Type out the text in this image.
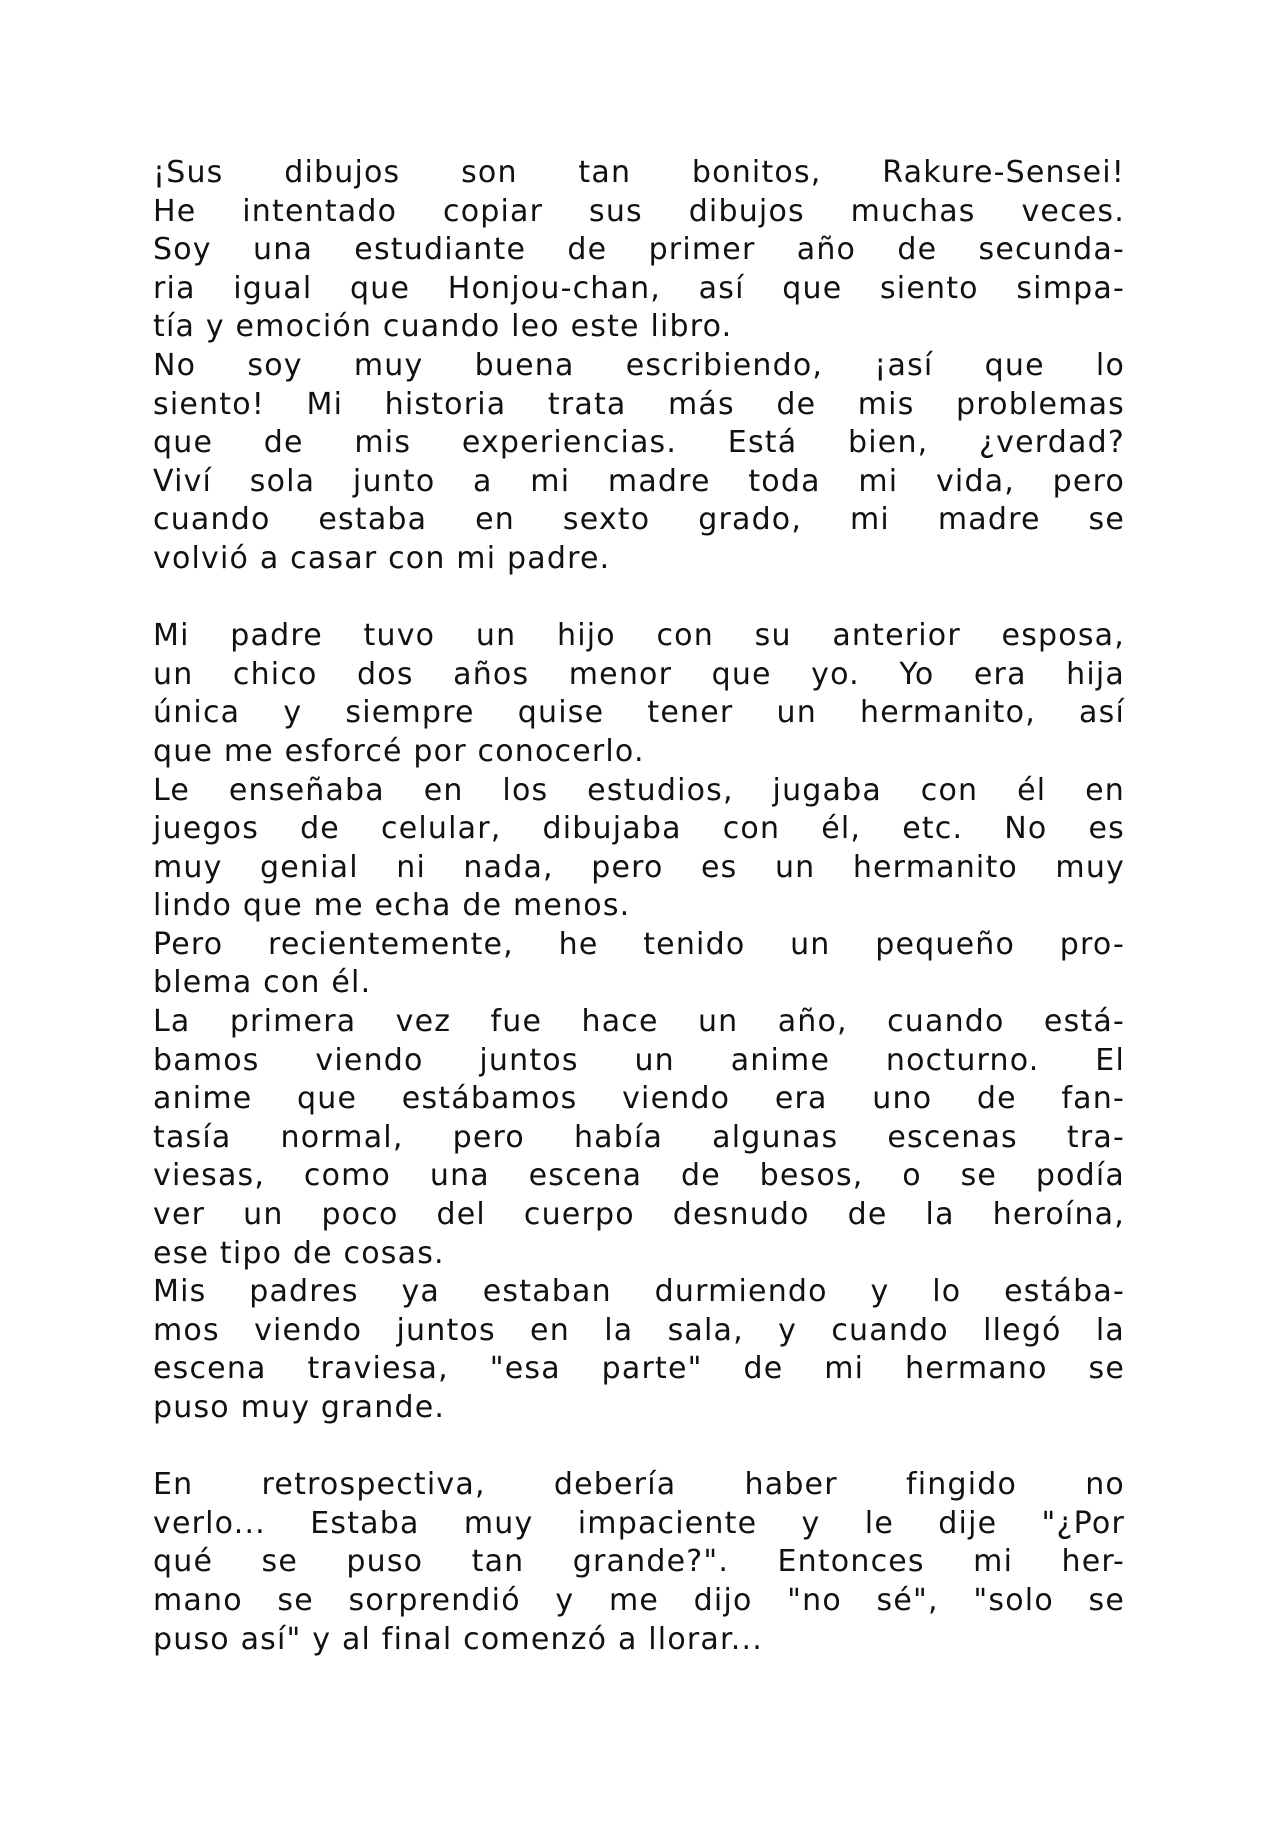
¡Sus dibujos son tan bonitos, Rakure-Sensei!
He intentado copiar sus dibujos muchas veces.
Soy una estudiante de primer año de secunda-
ria igual que Honjou-chan, así que siento simpa-
tía y emoción cuando leo este libro.
No soy muy buena escribiendo, ¡así que lo
siento! Mi historia trata más de mis problemas
que de mis experiencias. Está bien, ¿verdad?
Viví sola junto a mi madre toda mi vida, pero
cuando estaba en sexto grado, mi madre se
volvió a casar con mi padre.
Mi padre tuvo un hijo con su anterior esposa,
un chico dos años menor que yo. Yo era hija
única y siempre quise tener un hermanito, así
que me esforcé por conocerlo.
Le enseñaba en los estudios, jugaba con él en
juegos de celular, dibujaba con él, etc. No es
muy genial ni nada, pero es un hermanito muy
lindo que me echa de menos.
Pero recientemente, he tenido un pequeño pro-
blema con él.
La primera vez fue hace un año, cuando está-
bamos viendo juntos un anime nocturno. El
anime que estábamos viendo era uno de fan-
tasía normal, pero había algunas escenas tra-
viesas, como una escena de besos, o se podía
ver un poco del cuerpo desnudo de la heroína,
ese tipo de cosas.
Mis padres ya estaban durmiendo y lo estába-
mos viendo juntos en la sala, y cuando llegó la
escena traviesa, "esa parte" de mi hermano se
puso muy grande.
En retrospectiva, debería haber fingido no
verlo... Estaba muy impaciente y le dije "¿Por
qué se puso tan grande?". Entonces mi her-
mano se sorprendió y me dijo "no sé", "solo se
puso así" y al final comenzó a llorar...
